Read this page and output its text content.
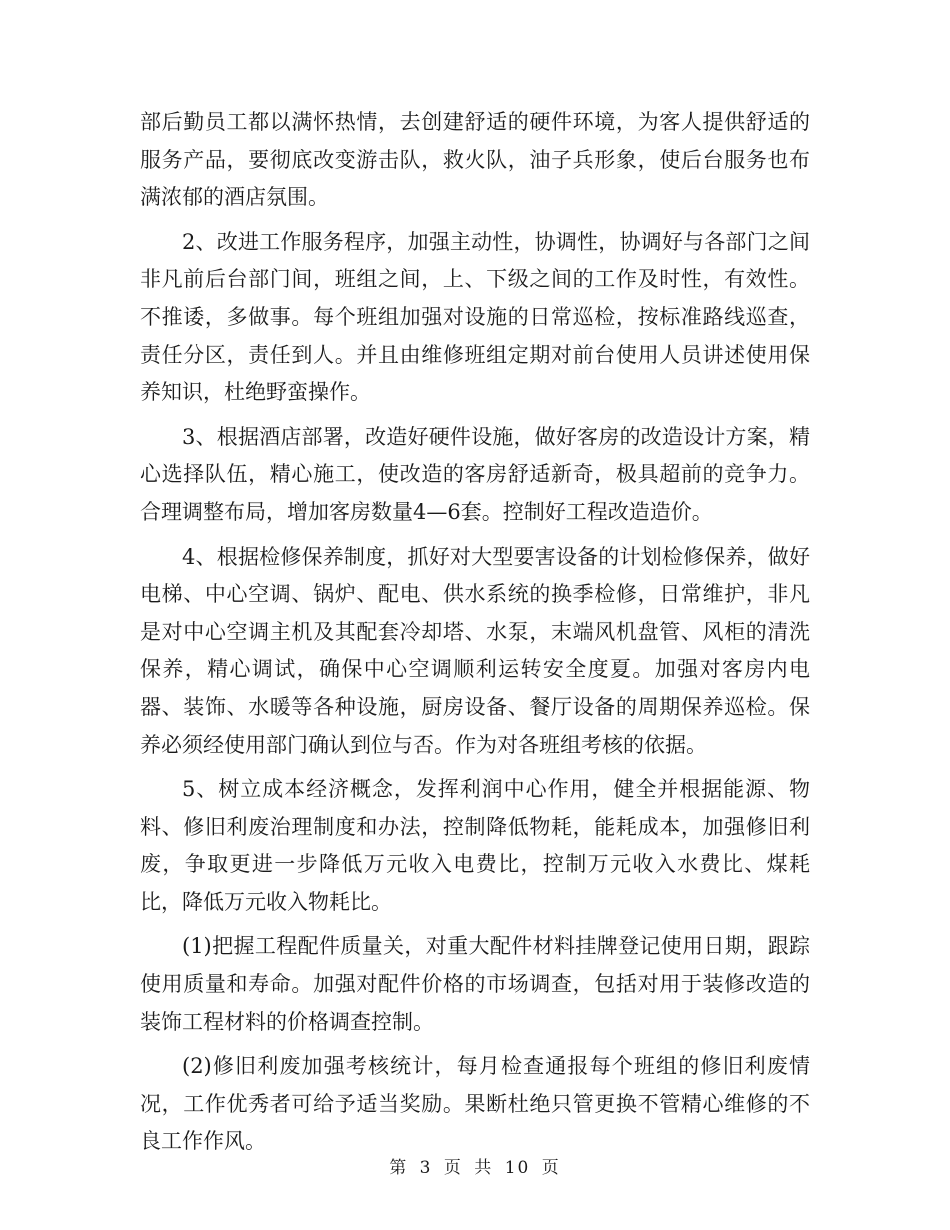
部后勤员工都以满怀热情，去创建舒适的硬件环境，为客人提供舒适的服务产品，要彻底改变游击队，救火队，油子兵形象，使后台服务也布满浓郁的酒店氛围。

2、改进工作服务程序，加强主动性，协调性，协调好与各部门之间非凡前后台部门间，班组之间，上、下级之间的工作及时性，有效性。不推诿，多做事。每个班组加强对设施的日常巡检，按标准路线巡查，责任分区，责任到人。并且由维修班组定期对前台使用人员讲述使用保养知识，杜绝野蛮操作。

3、根据酒店部署，改造好硬件设施，做好客房的改造设计方案，精心选择队伍，精心施工，使改造的客房舒适新奇，极具超前的竞争力。合理调整布局，增加客房数量4—6套。控制好工程改造造价。

4、根据检修保养制度，抓好对大型要害设备的计划检修保养，做好电梯、中心空调、锅炉、配电、供水系统的换季检修，日常维护，非凡是对中心空调主机及其配套冷却塔、水泵，末端风机盘管、风柜的清洗保养，精心调试，确保中心空调顺利运转安全度夏。加强对客房内电器、装饰、水暖等各种设施，厨房设备、餐厅设备的周期保养巡检。保养必须经使用部门确认到位与否。作为对各班组考核的依据。

5、树立成本经济概念，发挥利润中心作用，健全并根据能源、物料、修旧利废治理制度和办法，控制降低物耗，能耗成本，加强修旧利废，争取更进一步降低万元收入电费比，控制万元收入水费比、煤耗比，降低万元收入物耗比。

(1)把握工程配件质量关，对重大配件材料挂牌登记使用日期，跟踪使用质量和寿命。加强对配件价格的市场调查，包括对用于装修改造的装饰工程材料的价格调查控制。

(2)修旧利废加强考核统计，每月检查通报每个班组的修旧利废情况，工作优秀者可给予适当奖励。果断杜绝只管更换不管精心维修的不良工作作风。

第 3 页 共 10 页
